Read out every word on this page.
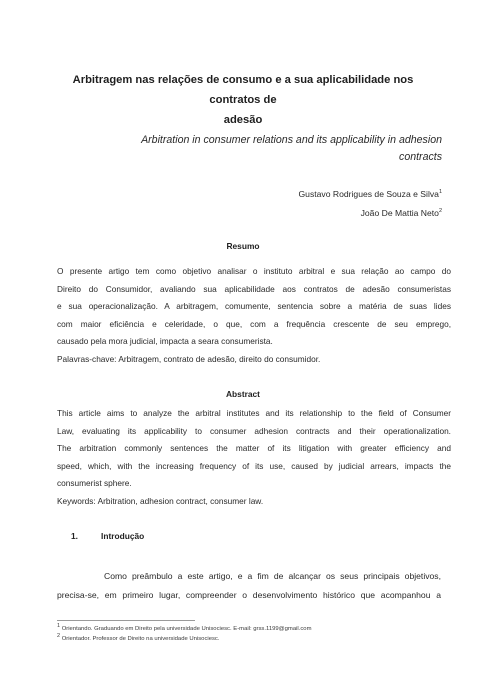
Arbitragem nas relações de consumo e a sua aplicabilidade nos contratos de
adesão
Arbitration in consumer relations and its applicability in adhesion
contracts
Gustavo Rodrigues de Souza e Silva$^1$
João De Mattia Neto$^2$
Resumo
O presente artigo tem como objetivo analisar o instituto arbitral e sua relação ao campo do
Direito do Consumidor, avaliando sua aplicabilidade aos contratos de adesão consumeristas
e sua operacionalização. A arbitragem, comumente, sentencia sobre a matéria de suas lides
com maior eficiência e celeridade, o que, com a frequência crescente de seu emprego,
causado pela mora judicial, impacta a seara consumerista.
Palavras-chave: Arbitragem, contrato de adesão, direito do consumidor.
Abstract
This article aims to analyze the arbitral institutes and its relationship to the field of Consumer
Law, evaluating its applicability to consumer adhesion contracts and their operationalization.
The arbitration commonly sentences the matter of its litigation with greater efficiency and
speed, which, with the increasing frequency of its use, caused by judicial arrears, impacts the
consumerist sphere.
Keywords: Arbitration, adhesion contract, consumer law.
1.	Introdução
Como preâmbulo a este artigo, e a fim de alcançar os seus principais objetivos,
precisa-se, em primeiro lugar, compreender o desenvolvimento histórico que acompanhou a
$^1$ Orientando. Graduando em Direito pela universidade Unisociesc. E-mail: grss.1199@gmail.com
$^2$ Orientador. Professor de Direito na universidade Unisociesc.
